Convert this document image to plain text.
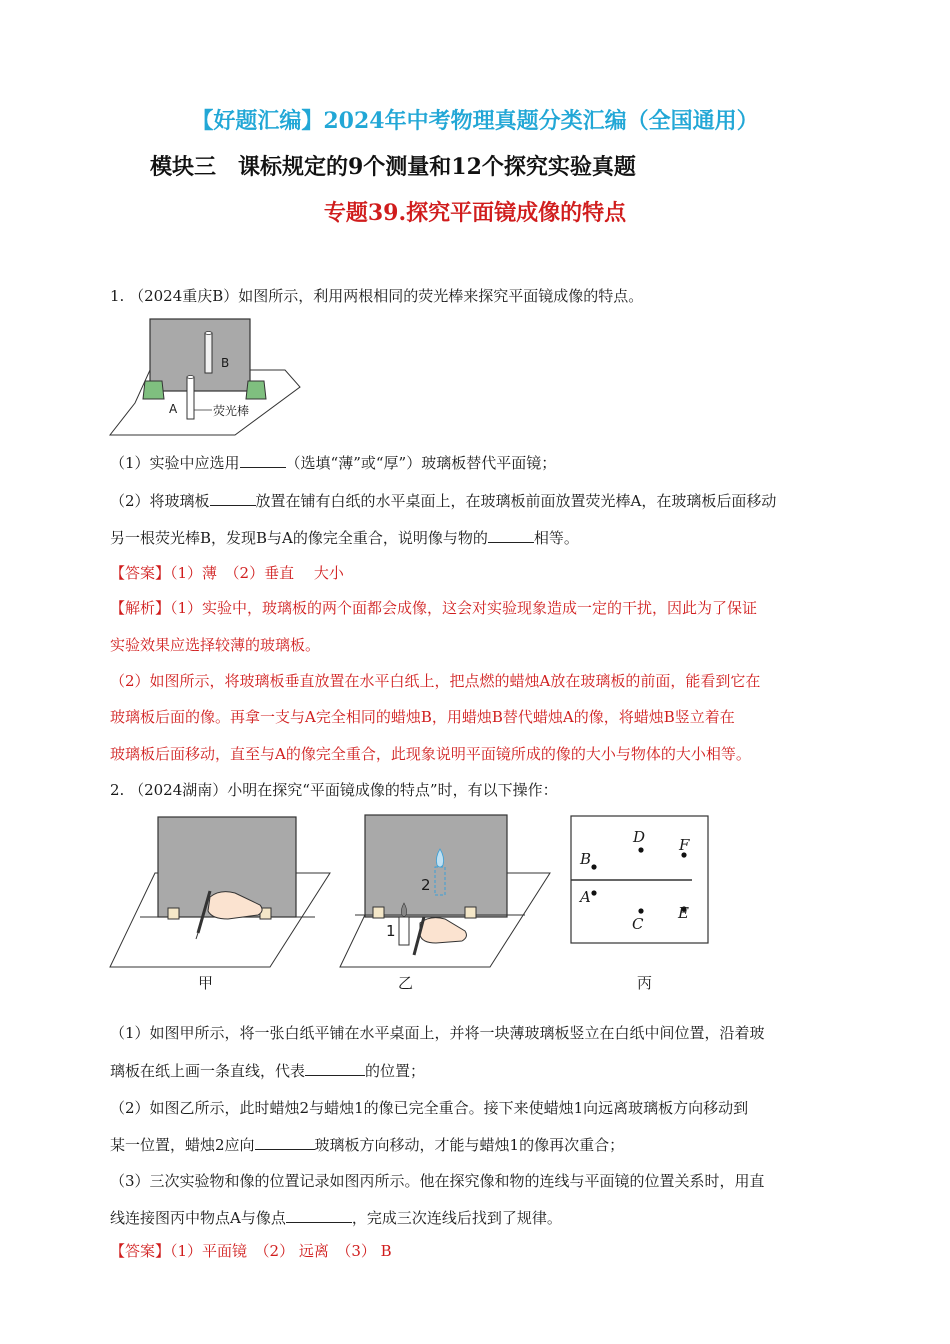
【好题汇编】2024年中考物理真题分类汇编（全国通用）
模块三　课标规定的9个测量和12个探究实验真题
专题39.探究平面镜成像的特点
1. （2024重庆B）如图所示，利用两根相同的荧光棒来探究平面镜成像的特点。
B
A	荧光棒
（1）实验中应选用	（选填“薄”或“厚”）玻璃板替代平面镜；
（2）将玻璃板	放置在铺有白纸的水平桌面上，在玻璃板前面放置荧光棒A，在玻璃板后面移动
另一根荧光棒B，发现B与A的像完全重合，说明像与物的	相等。
【答案】（1）薄　（2）垂直　 大小
【解析】（1）实验中，玻璃板的两个面都会成像，这会对实验现象造成一定的干扰，因此为了保证
实验效果应选择较薄的玻璃板。
（2）如图所示，将玻璃板垂直放置在水平白纸上，把点燃的蜡烛A放在玻璃板的前面，能看到它在
玻璃板后面的像。再拿一支与A完全相同的蜡烛B，用蜡烛B替代蜡烛A的像，将蜡烛B竖立着在
玻璃板后面移动，直至与A的像完全重合，此现象说明平面镜所成的像的大小与物体的大小相等。
2. （2024湖南）小明在探究“平面镜成像的特点”时，有以下操作：
2
1
D F
B
A
E
C
甲	乙	丙
（1）如图甲所示，将一张白纸平铺在水平桌面上，并将一块薄玻璃板竖立在白纸中间位置，沿着玻
璃板在纸上画一条直线，代表	的位置；
（2）如图乙所示，此时蜡烛2与蜡烛1的像已完全重合。接下来使蜡烛1向远离玻璃板方向移动到
某一位置，蜡烛2应向	玻璃板方向移动，才能与蜡烛1的像再次重合；
（3）三次实验物和像的位置记录如图丙所示。他在探究像和物的连线与平面镜的位置关系时，用直
线连接图丙中物点A与像点	，完成三次连线后找到了规律。
【答案】（1）平面镜　（2） 远离　（3） B
